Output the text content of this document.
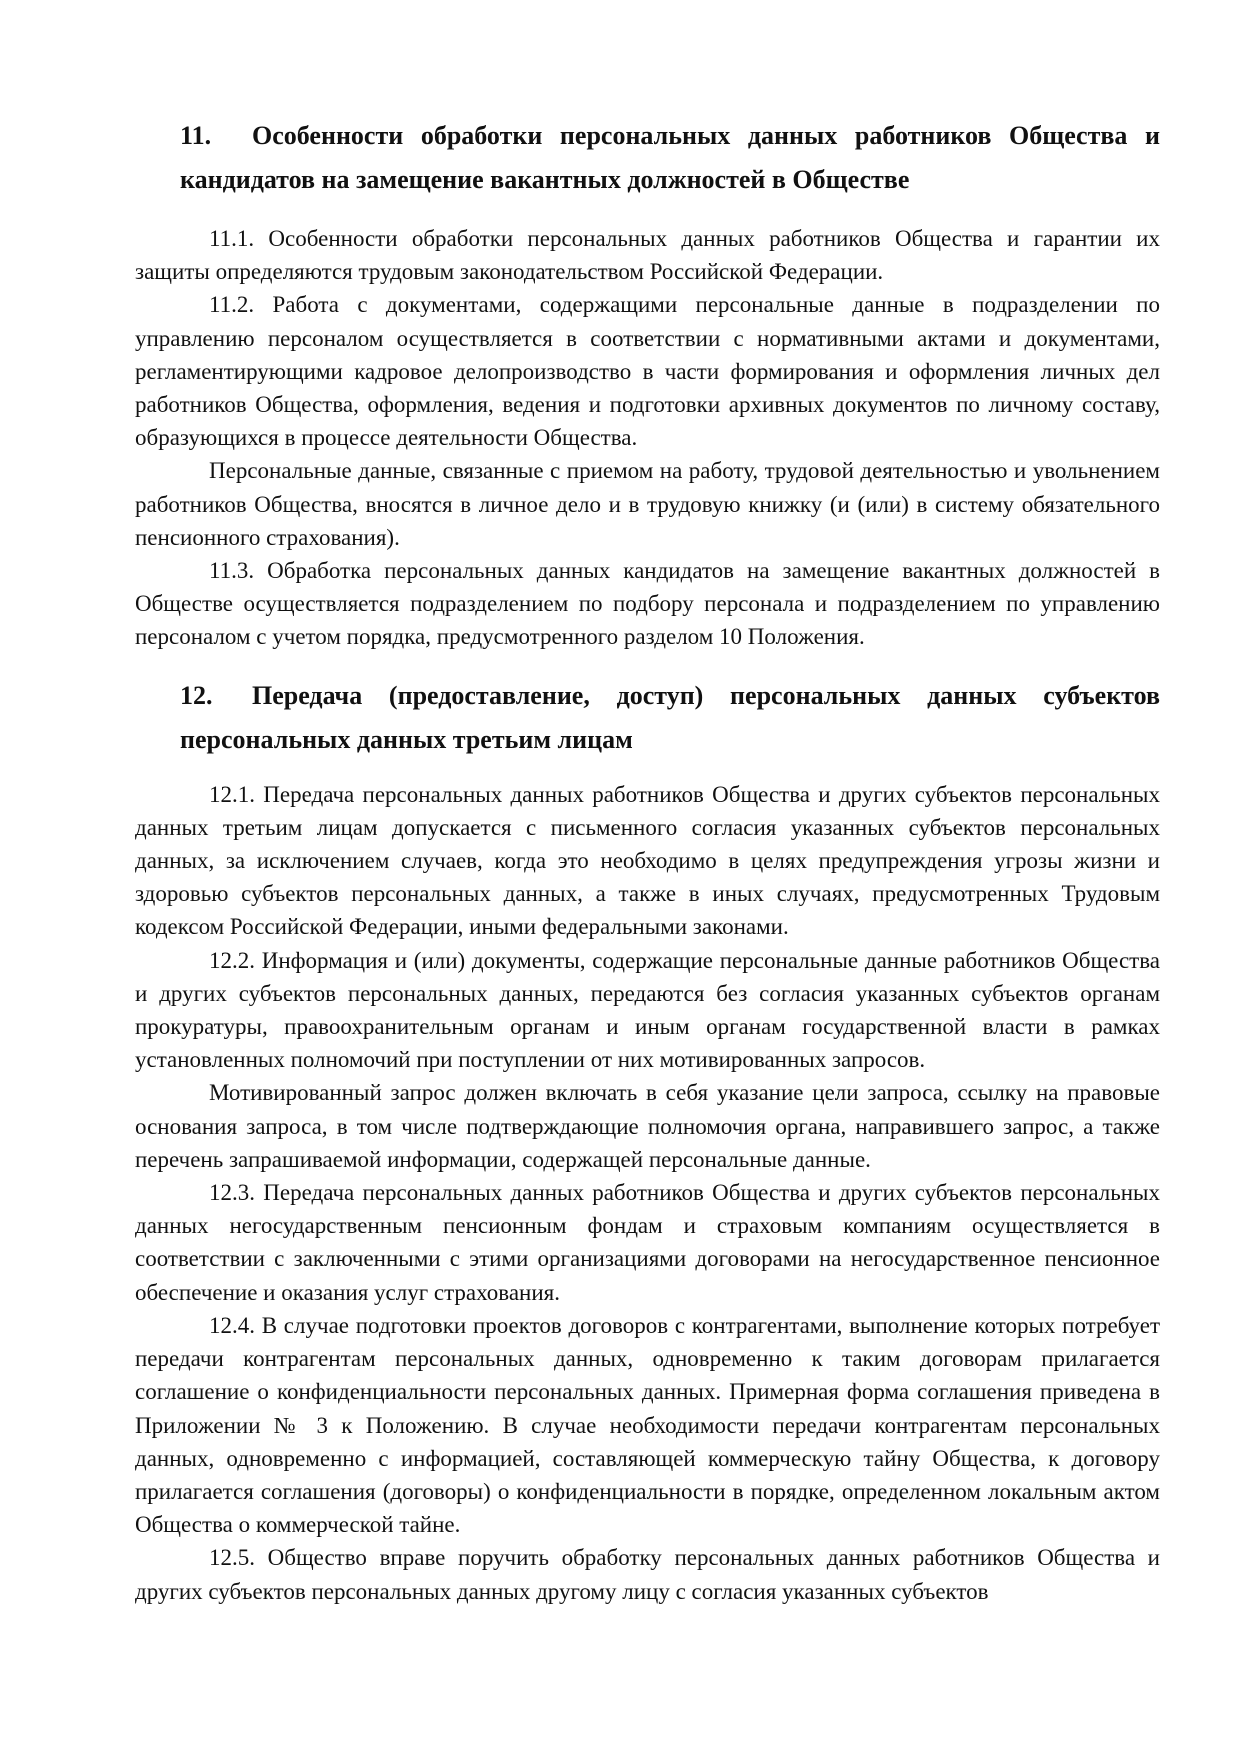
11. Особенности обработки персональных данных работников Общества и кандидатов на замещение вакантных должностей в Обществе

11.1. Особенности обработки персональных данных работников Общества и гарантии их защиты определяются трудовым законодательством Российской Федерации.

11.2. Работа с документами, содержащими персональные данные в подразделении по управлению персоналом осуществляется в соответствии с нормативными актами и документами, регламентирующими кадровое делопроизводство в части формирования и оформления личных дел работников Общества, оформления, ведения и подготовки архивных документов по личному составу, образующихся в процессе деятельности Общества.

Персональные данные, связанные с приемом на работу, трудовой деятельностью и увольнением работников Общества, вносятся в личное дело и в трудовую книжку (и (или) в систему обязательного пенсионного страхования).

11.3. Обработка персональных данных кандидатов на замещение вакантных должностей в Обществе осуществляется подразделением по подбору персонала и подразделением по управлению персоналом с учетом порядка, предусмотренного разделом 10 Положения.

12. Передача (предоставление, доступ) персональных данных субъектов персональных данных третьим лицам

12.1. Передача персональных данных работников Общества и других субъектов персональных данных третьим лицам допускается с письменного согласия указанных субъектов персональных данных, за исключением случаев, когда это необходимо в целях предупреждения угрозы жизни и здоровью субъектов персональных данных, а также в иных случаях, предусмотренных Трудовым кодексом Российской Федерации, иными федеральными законами.

12.2. Информация и (или) документы, содержащие персональные данные работников Общества и других субъектов персональных данных, передаются без согласия указанных субъектов органам прокуратуры, правоохранительным органам и иным органам государственной власти в рамках установленных полномочий при поступлении от них мотивированных запросов.

Мотивированный запрос должен включать в себя указание цели запроса, ссылку на правовые основания запроса, в том числе подтверждающие полномочия органа, направившего запрос, а также перечень запрашиваемой информации, содержащей персональные данные.

12.3. Передача персональных данных работников Общества и других субъектов персональных данных негосударственным пенсионным фондам и страховым компаниям осуществляется в соответствии с заключенными с этими организациями договорами на негосударственное пенсионное обеспечение и оказания услуг страхования.

12.4. В случае подготовки проектов договоров с контрагентами, выполнение которых потребует передачи контрагентам персональных данных, одновременно к таким договорам прилагается соглашение о конфиденциальности персональных данных. Примерная форма соглашения приведена в Приложении № 3 к Положению. В случае необходимости передачи контрагентам персональных данных, одновременно с информацией, составляющей коммерческую тайну Общества, к договору прилагается соглашения (договоры) о конфиденциальности в порядке, определенном локальным актом Общества о коммерческой тайне.

12.5. Общество вправе поручить обработку персональных данных работников Общества и других субъектов персональных данных другому лицу с согласия указанных субъектов
